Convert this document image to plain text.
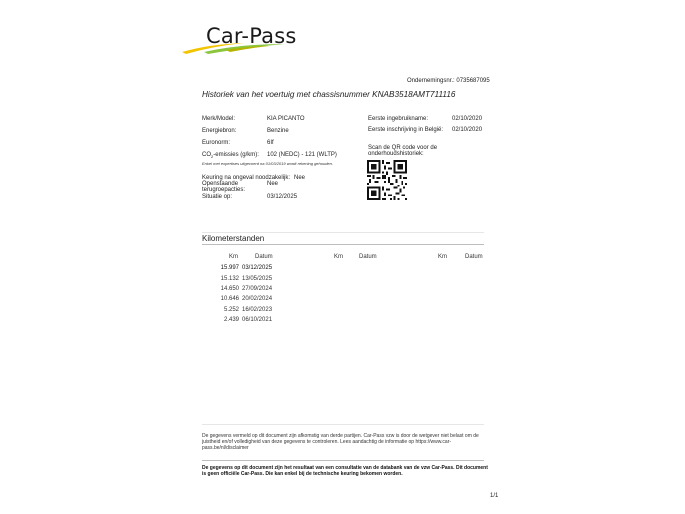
Car-Pass
Ondernemingsnr.: 0735687095
Historiek van het voertuig met chassisnummer KNAB3518AMT711116
Merk/Model:	KIA PICANTO
Energiebron:	Benzine
Euronorm:	6If
$CO_2$-emissies (g/km): 102 (NEDC) - 121 (WLTP)
Enkel met expertises uitgevoerd na 01/03/2019 wordt rekening gehouden.
Keuring na ongeval noodzakelijk: Nee
Openstaande
terugroepacties:
Nee
Situatie op:	03/12/2025
Eerste ingebruikname:	02/10/2020
Eerste inschrijving in België: 02/10/2020
Scan de QR code voor de
onderhoudshistoriek:
Kilometerstanden
Km	Datum	Km	Datum	Km	Datum
15.997 03/12/2025
15.132 13/05/2025
14.650 27/09/2024
10.646 20/02/2024
5.252 16/02/2023
2.439 06/10/2021
De gegevens vermeld op dit document zijn afkomstig van derde partijen. Car-Pass vzw is door de wetgever niet belast om de juistheid en/of volledigheid van deze gegevens te controleren. Lees aandachtig de informatie op https://www.car-pass.be/nl/disclaimer
De gegevens op dit document zijn het resultaat van een consultatie van de databank van de vzw Car-Pass. Dit document is geen officiële Car-Pass. Die kan enkel bij de technische keuring bekomen worden.
1/1
